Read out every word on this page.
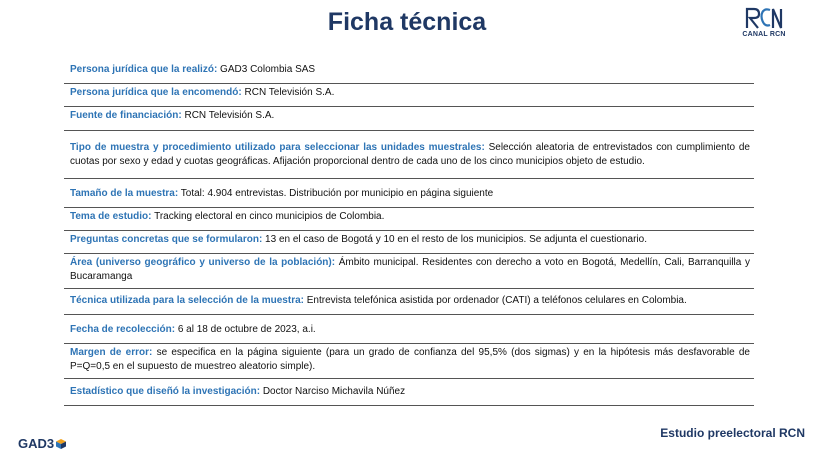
Ficha técnica	CANAL RCN
Persona jurídica que la realizó: GAD3 Colombia SAS
Persona jurídica que la encomendó: RCN Televisión S.A.
Fuente de financiación: RCN Televisión S.A.
Tipo de muestra y procedimiento utilizado para seleccionar las unidades muestrales: Selección aleatoria de entrevistados con cumplimiento de cuotas por sexo y edad y cuotas geográficas. Afijación proporcional dentro de cada uno de los cinco municipios objeto de estudio.
Tamaño de la muestra: Total: 4.904 entrevistas. Distribución por municipio en página siguiente
Tema de estudio: Tracking electoral en cinco municipios de Colombia.
Preguntas concretas que se formularon: 13 en el caso de Bogotá y 10 en el resto de los municipios. Se adjunta el cuestionario.
Área (universo geográfico y universo de la población): Ámbito municipal. Residentes con derecho a voto en Bogotá, Medellín, Cali, Barranquilla y Bucaramanga
Técnica utilizada para la selección de la muestra: Entrevista telefónica asistida por ordenador (CATI) a teléfonos celulares en Colombia.
Fecha de recolección: 6 al 18 de octubre de 2023, a.i.
Margen de error: se especifica en la página siguiente (para un grado de confianza del 95,5% (dos sigmas) y en la hipótesis más desfavorable de P=Q=0,5 en el supuesto de muestreo aleatorio simple).
Estadístico que diseñó la investigación: Doctor Narciso Michavila Núñez
GAD3
Estudio preelectoral RCN
